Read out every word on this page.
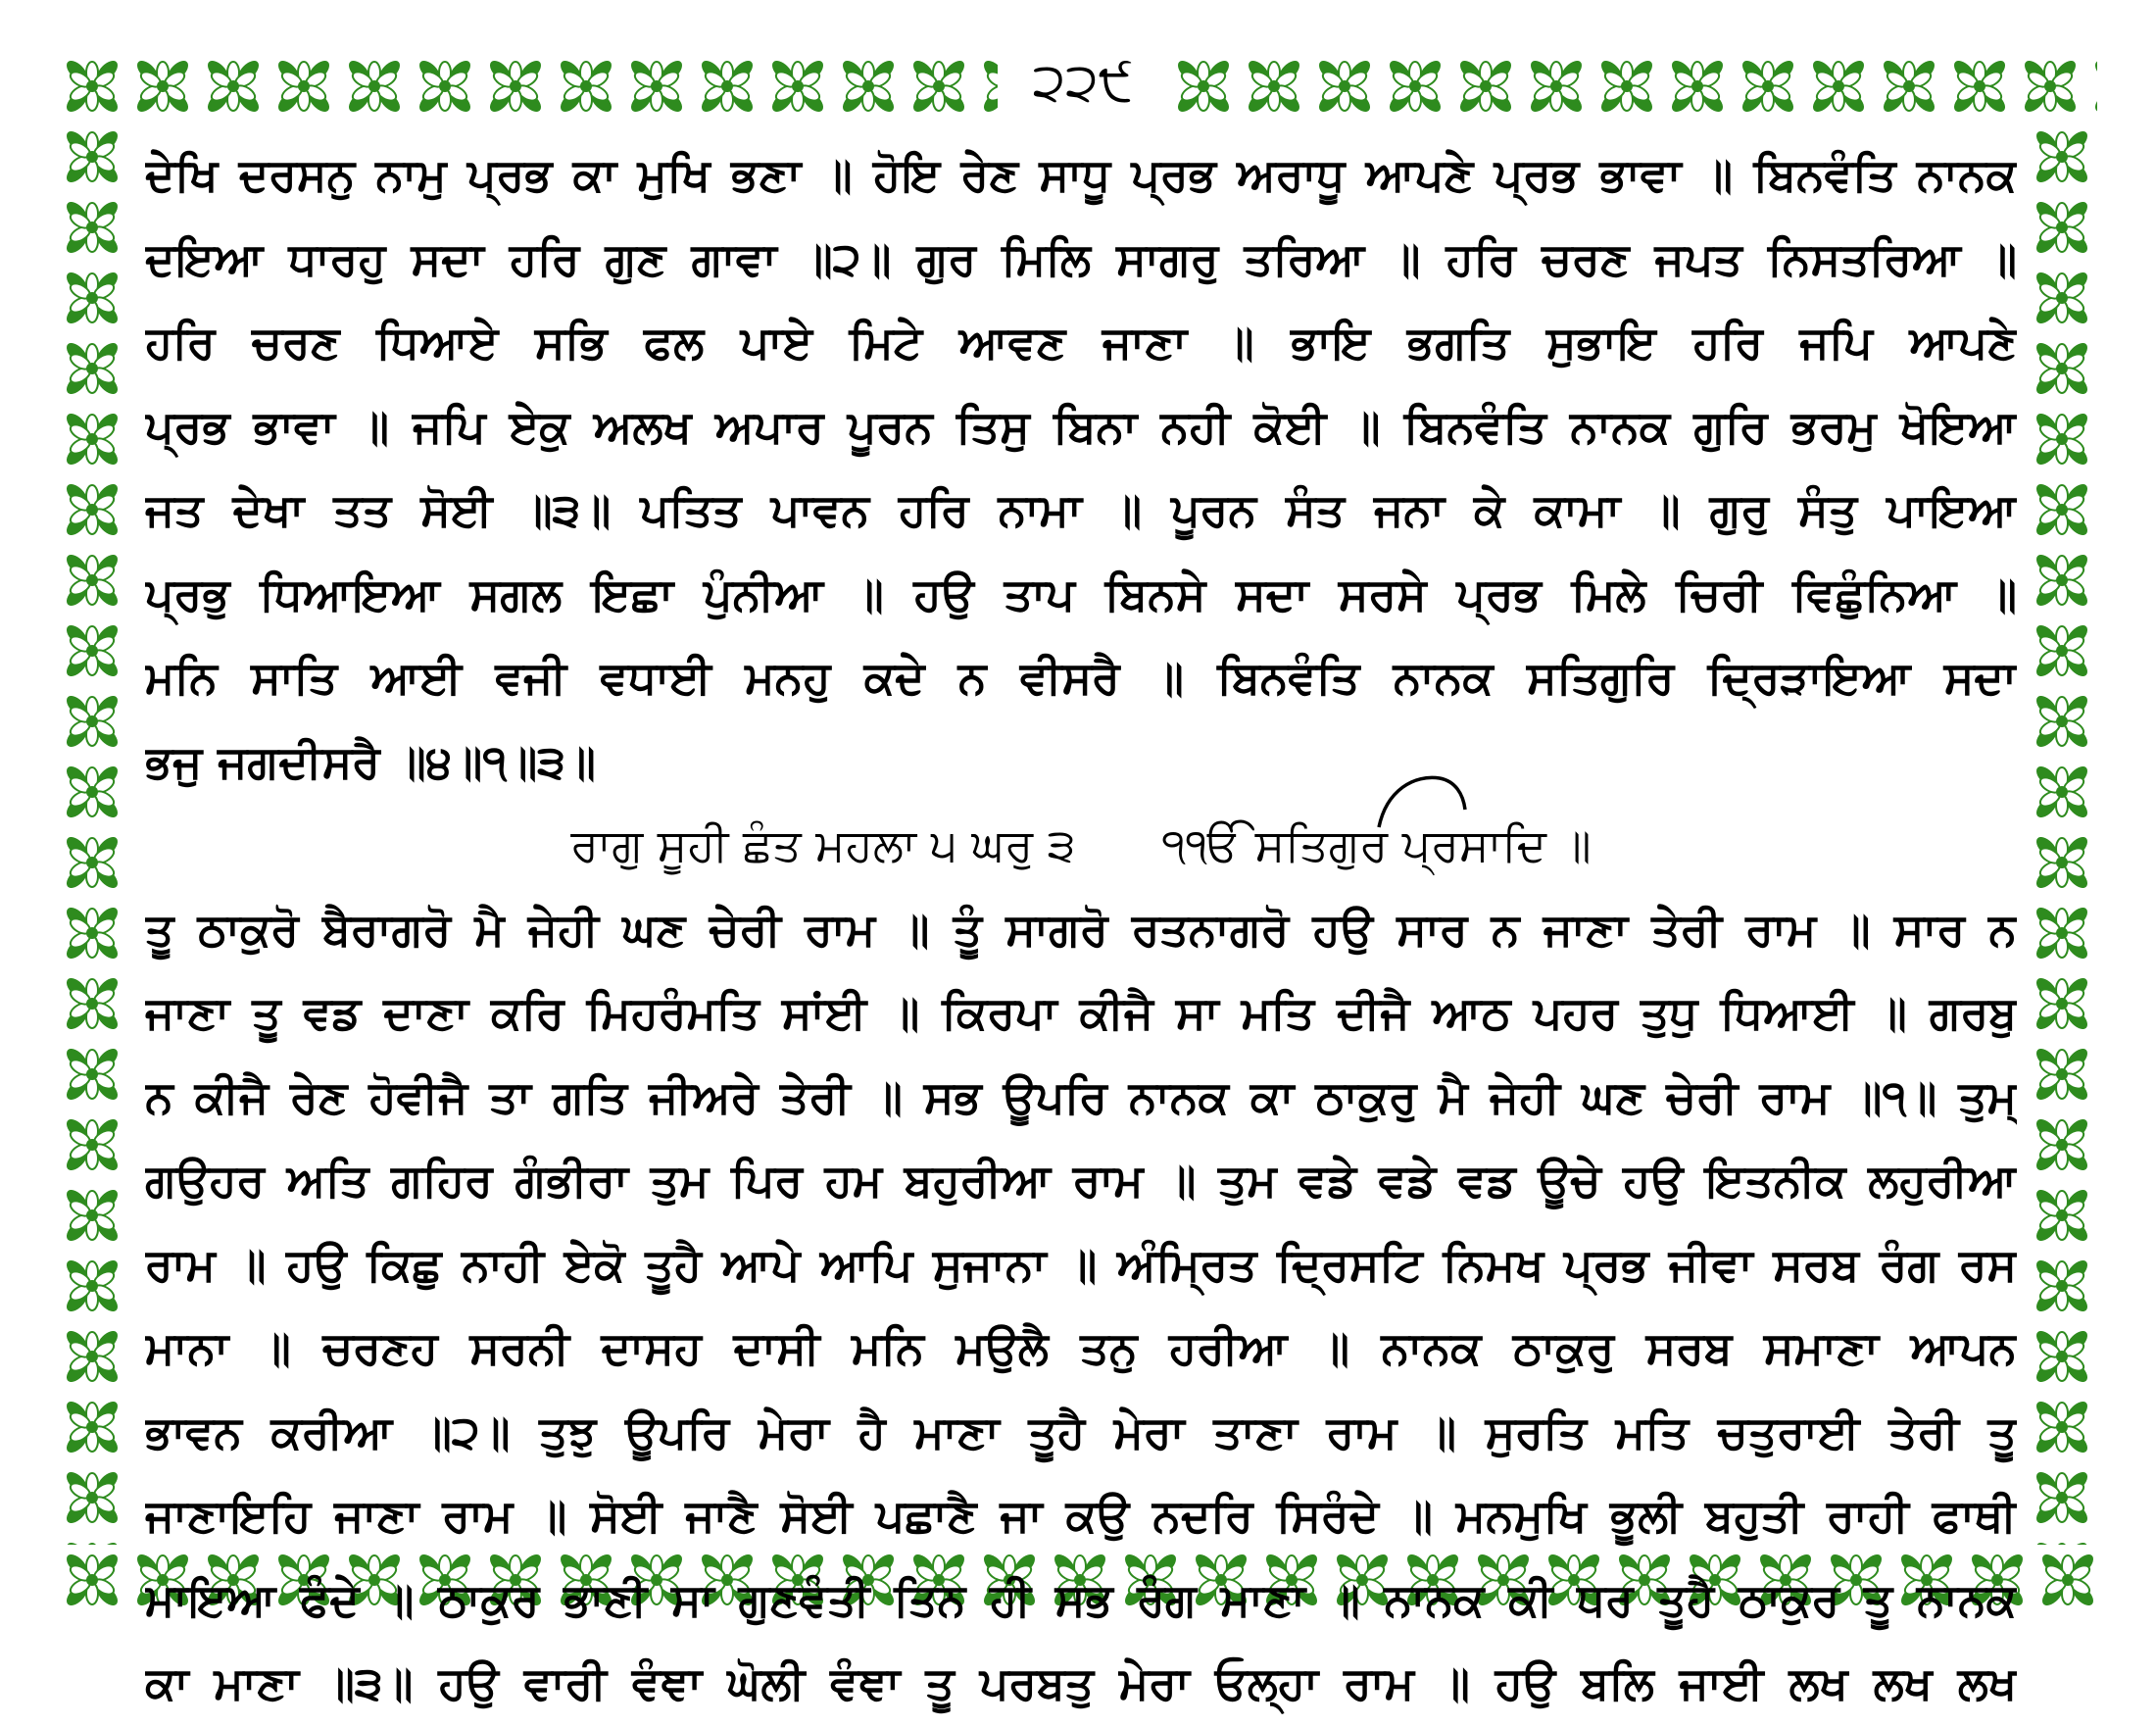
੨੨੯
ਦੇਖਿ ਦਰਸਨੁ ਨਾਮੁ ਪ੍ਰਭ ਕਾ ਮੁਖਿ ਭਣਾ ॥ ਹੋਇ ਰੇਣ ਸਾਧੂ ਪ੍ਰਭ ਅਰਾਧੂ ਆਪਣੇ ਪ੍ਰਭ ਭਾਵਾ ॥ ਬਿਨਵੰਤਿ ਨਾਨਕ
ਦਇਆ ਧਾਰਹੁ ਸਦਾ ਹਰਿ ਗੁਣ ਗਾਵਾ ॥੨॥ ਗੁਰ ਮਿਲਿ ਸਾਗਰੁ ਤਰਿਆ ॥ ਹਰਿ ਚਰਣ ਜਪਤ ਨਿਸਤਰਿਆ ॥
ਹਰਿ ਚਰਣ ਧਿਆਏ ਸਭਿ ਫਲ ਪਾਏ ਮਿਟੇ ਆਵਣ ਜਾਣਾ ॥ ਭਾਇ ਭਗਤਿ ਸੁਭਾਇ ਹਰਿ ਜਪਿ ਆਪਣੇ
ਪ੍ਰਭ ਭਾਵਾ ॥ ਜਪਿ ਏਕੁ ਅਲਖ ਅਪਾਰ ਪੂਰਨ ਤਿਸੁ ਬਿਨਾ ਨਹੀ ਕੋਈ ॥ ਬਿਨਵੰਤਿ ਨਾਨਕ ਗੁਰਿ ਭਰਮੁ ਖੋਇਆ
ਜਤ ਦੇਖਾ ਤਤ ਸੋਈ ॥੩॥ ਪਤਿਤ ਪਾਵਨ ਹਰਿ ਨਾਮਾ ॥ ਪੂਰਨ ਸੰਤ ਜਨਾ ਕੇ ਕਾਮਾ ॥ ਗੁਰੁ ਸੰਤੁ ਪਾਇਆ
ਪ੍ਰਭੁ ਧਿਆਇਆ ਸਗਲ ਇਛਾ ਪੁੰਨੀਆ ॥ ਹਉ ਤਾਪ ਬਿਨਸੇ ਸਦਾ ਸਰਸੇ ਪ੍ਰਭ ਮਿਲੇ ਚਿਰੀ ਵਿਛੁੰਨਿਆ ॥
ਮਨਿ ਸਾਤਿ ਆਈ ਵਜੀ ਵਧਾਈ ਮਨਹੁ ਕਦੇ ਨ ਵੀਸਰੈ ॥ ਬਿਨਵੰਤਿ ਨਾਨਕ ਸਤਿਗੁਰਿ ਦ੍ਰਿੜਾਇਆ ਸਦਾ
ਭਜੁ ਜਗਦੀਸਰੈ ॥੪॥੧॥੩॥
ਰਾਗੁ ਸੂਹੀ ਛੰਤ ਮਹਲਾ ੫ ਘਰੁ ੩      ੧ੴ ਸਤਿਗੁਰ ਪ੍ਰਸਾਦਿ ॥
ਤੂ ਠਾਕੁਰੋ ਬੈਰਾਗਰੋ ਮੈ ਜੇਹੀ ਘਣ ਚੇਰੀ ਰਾਮ ॥ ਤੂੰ ਸਾਗਰੋ ਰਤਨਾਗਰੋ ਹਉ ਸਾਰ ਨ ਜਾਣਾ ਤੇਰੀ ਰਾਮ ॥ ਸਾਰ ਨ
ਜਾਣਾ ਤੂ ਵਡ ਦਾਣਾ ਕਰਿ ਮਿਹਰੰਮਤਿ ਸਾਂਈ ॥ ਕਿਰਪਾ ਕੀਜੈ ਸਾ ਮਤਿ ਦੀਜੈ ਆਠ ਪਹਰ ਤੁਧੁ ਧਿਆਈ ॥ ਗਰਬੁ
ਨ ਕੀਜੈ ਰੇਣ ਹੋਵੀਜੈ ਤਾ ਗਤਿ ਜੀਅਰੇ ਤੇਰੀ ॥ ਸਭ ਊਪਰਿ ਨਾਨਕ ਕਾ ਠਾਕੁਰੁ ਮੈ ਜੇਹੀ ਘਣ ਚੇਰੀ ਰਾਮ ॥੧॥ ਤੁਮ੍
ਗਉਹਰ ਅਤਿ ਗਹਿਰ ਗੰਭੀਰਾ ਤੁਮ ਪਿਰ ਹਮ ਬਹੁਰੀਆ ਰਾਮ ॥ ਤੁਮ ਵਡੇ ਵਡੇ ਵਡ ਊਚੇ ਹਉ ਇਤਨੀਕ ਲਹੁਰੀਆ
ਰਾਮ ॥ ਹਉ ਕਿਛੁ ਨਾਹੀ ਏਕੋ ਤੂਹੈ ਆਪੇ ਆਪਿ ਸੁਜਾਨਾ ॥ ਅੰਮ੍ਰਿਤ ਦ੍ਰਿਸਟਿ ਨਿਮਖ ਪ੍ਰਭ ਜੀਵਾ ਸਰਬ ਰੰਗ ਰਸ
ਮਾਨਾ ॥ ਚਰਣਹ ਸਰਨੀ ਦਾਸਹ ਦਾਸੀ ਮਨਿ ਮਉਲੈ ਤਨੁ ਹਰੀਆ ॥ ਨਾਨਕ ਠਾਕੁਰੁ ਸਰਬ ਸਮਾਣਾ ਆਪਨ
ਭਾਵਨ ਕਰੀਆ ॥੨॥ ਤੁਝੁ ਊਪਰਿ ਮੇਰਾ ਹੈ ਮਾਣਾ ਤੂਹੈ ਮੇਰਾ ਤਾਣਾ ਰਾਮ ॥ ਸੁਰਤਿ ਮਤਿ ਚਤੁਰਾਈ ਤੇਰੀ ਤੂ
ਜਾਣਾਇਹਿ ਜਾਣਾ ਰਾਮ ॥ ਸੋਈ ਜਾਣੈ ਸੋਈ ਪਛਾਣੈ ਜਾ ਕਉ ਨਦਰਿ ਸਿਰੰਦੇ ॥ ਮਨਮੁਖਿ ਭੂਲੀ ਬਹੁਤੀ ਰਾਹੀ ਫਾਥੀ
ਮਾਇਆ ਫੰਦੇ ॥ ਠਾਕੁਰ ਭਾਣੀ ਸਾ ਗੁਣਵੰਤੀ ਤਿਨ ਹੀ ਸਭ ਰੰਗ ਮਾਣਾ ॥ ਨਾਨਕ ਕੀ ਧਰ ਤੂਹੈ ਠਾਕੁਰ ਤੂ ਨਾਨਕ
ਕਾ ਮਾਣਾ ॥੩॥ ਹਉ ਵਾਰੀ ਵੰਞਾ ਘੋਲੀ ਵੰਞਾ ਤੂ ਪਰਬਤੁ ਮੇਰਾ ਓਲ੍ਹਾ ਰਾਮ ॥ ਹਉ ਬਲਿ ਜਾਈ ਲਖ ਲਖ ਲਖ
